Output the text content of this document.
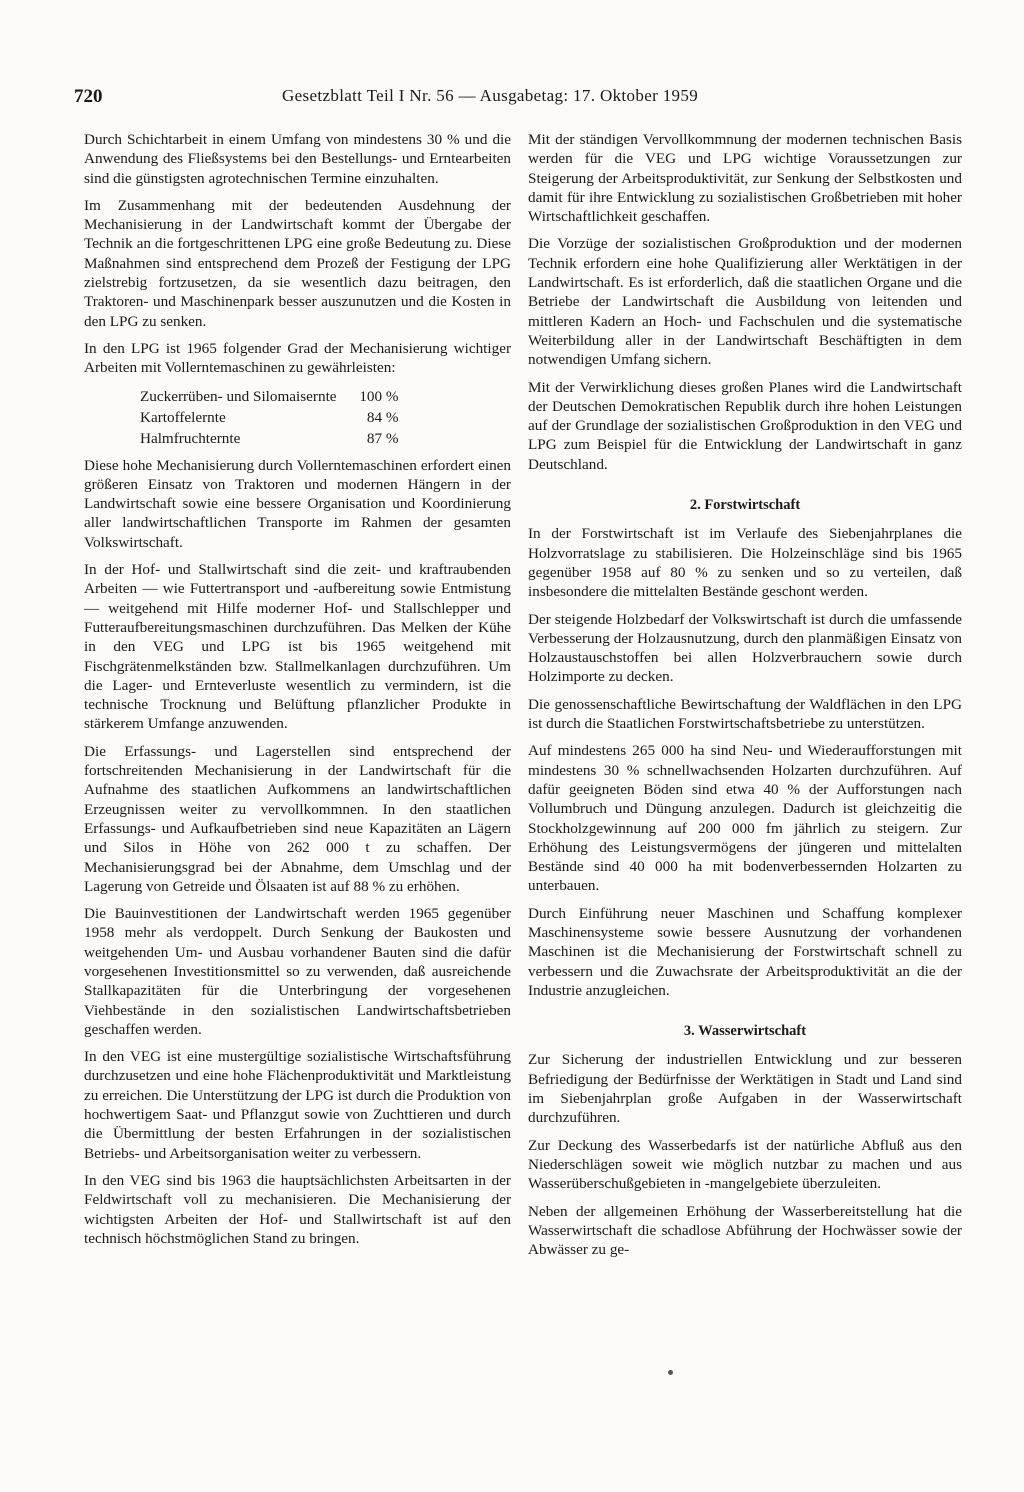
720	Gesetzblatt Teil I Nr. 56 — Ausgabetag: 17. Oktober 1959

Durch Schichtarbeit in einem Umfang von mindestens 30 % und die Anwendung des Fließsystems bei den Bestellungs- und Erntearbeiten sind die günstigsten agrotechnischen Termine einzuhalten.

Im Zusammenhang mit der bedeutenden Ausdehnung der Mechanisierung in der Landwirtschaft kommt der Übergabe der Technik an die fortgeschrittenen LPG eine große Bedeutung zu. Diese Maßnahmen sind entsprechend dem Prozeß der Festigung der LPG zielstrebig fortzusetzen, da sie wesentlich dazu beitragen, den Traktoren- und Maschinenpark besser auszunutzen und die Kosten in den LPG zu senken.

In den LPG ist 1965 folgender Grad der Mechanisierung wichtiger Arbeiten mit Vollerntemaschinen zu gewährleisten:

Zuckerrüben- und Silomaisernte	100 %
Kartoffelernte	84 %
Halmfruchternte	87 %

Diese hohe Mechanisierung durch Vollerntemaschinen erfordert einen größeren Einsatz von Traktoren und modernen Hängern in der Landwirtschaft sowie eine bessere Organisation und Koordinierung aller landwirtschaftlichen Transporte im Rahmen der gesamten Volkswirtschaft.

In der Hof- und Stallwirtschaft sind die zeit- und kraftraubenden Arbeiten — wie Futtertransport und -aufbereitung sowie Entmistung — weitgehend mit Hilfe moderner Hof- und Stallschlepper und Futteraufbereitungsmaschinen durchzuführen. Das Melken der Kühe in den VEG und LPG ist bis 1965 weitgehend mit Fischgrätenmelkständen bzw. Stallmelkanlagen durchzuführen. Um die Lager- und Ernteverluste wesentlich zu vermindern, ist die technische Trocknung und Belüftung pflanzlicher Produkte in stärkerem Umfange anzuwenden.

Die Erfassungs- und Lagerstellen sind entsprechend der fortschreitenden Mechanisierung in der Landwirtschaft für die Aufnahme des staatlichen Aufkommens an landwirtschaftlichen Erzeugnissen weiter zu vervollkommnen. In den staatlichen Erfassungs- und Aufkaufbetrieben sind neue Kapazitäten an Lägern und Silos in Höhe von 262 000 t zu schaffen. Der Mechanisierungsgrad bei der Abnahme, dem Umschlag und der Lagerung von Getreide und Ölsaaten ist auf 88 % zu erhöhen.

Die Bauinvestitionen der Landwirtschaft werden 1965 gegenüber 1958 mehr als verdoppelt. Durch Senkung der Baukosten und weitgehenden Um- und Ausbau vorhandener Bauten sind die dafür vorgesehenen Investitionsmittel so zu verwenden, daß ausreichende Stallkapazitäten für die Unterbringung der vorgesehenen Viehbestände in den sozialistischen Landwirtschaftsbetrieben geschaffen werden.

In den VEG ist eine mustergültige sozialistische Wirtschaftsführung durchzusetzen und eine hohe Flächenproduktivität und Marktleistung zu erreichen. Die Unterstützung der LPG ist durch die Produktion von hochwertigem Saat- und Pflanzgut sowie von Zuchttieren und durch die Übermittlung der besten Erfahrungen in der sozialistischen Betriebs- und Arbeitsorganisation weiter zu verbessern.

In den VEG sind bis 1963 die hauptsächlichsten Arbeitsarten in der Feldwirtschaft voll zu mechanisieren. Die Mechanisierung der wichtigsten Arbeiten der Hof- und Stallwirtschaft ist auf den technisch höchstmöglichen Stand zu bringen.

Mit der ständigen Vervollkommnung der modernen technischen Basis werden für die VEG und LPG wichtige Voraussetzungen zur Steigerung der Arbeitsproduktivität, zur Senkung der Selbstkosten und damit für ihre Entwicklung zu sozialistischen Großbetrieben mit hoher Wirtschaftlichkeit geschaffen.

Die Vorzüge der sozialistischen Großproduktion und der modernen Technik erfordern eine hohe Qualifizierung aller Werktätigen in der Landwirtschaft. Es ist erforderlich, daß die staatlichen Organe und die Betriebe der Landwirtschaft die Ausbildung von leitenden und mittleren Kadern an Hoch- und Fachschulen und die systematische Weiterbildung aller in der Landwirtschaft Beschäftigten in dem notwendigen Umfang sichern.

Mit der Verwirklichung dieses großen Planes wird die Landwirtschaft der Deutschen Demokratischen Republik durch ihre hohen Leistungen auf der Grundlage der sozialistischen Großproduktion in den VEG und LPG zum Beispiel für die Entwicklung der Landwirtschaft in ganz Deutschland.

2. Forstwirtschaft

In der Forstwirtschaft ist im Verlaufe des Siebenjahrplanes die Holzvorratslage zu stabilisieren. Die Holzeinschläge sind bis 1965 gegenüber 1958 auf 80 % zu senken und so zu verteilen, daß insbesondere die mittelalten Bestände geschont werden.

Der steigende Holzbedarf der Volkswirtschaft ist durch die umfassende Verbesserung der Holzausnutzung, durch den planmäßigen Einsatz von Holzaustauschstoffen bei allen Holzverbrauchern sowie durch Holzimporte zu decken.

Die genossenschaftliche Bewirtschaftung der Waldflächen in den LPG ist durch die Staatlichen Forstwirtschaftsbetriebe zu unterstützen.

Auf mindestens 265 000 ha sind Neu- und Wiederaufforstungen mit mindestens 30 % schnellwachsenden Holzarten durchzuführen. Auf dafür geeigneten Böden sind etwa 40 % der Aufforstungen nach Vollumbruch und Düngung anzulegen. Dadurch ist gleichzeitig die Stockholzgewinnung auf 200 000 fm jährlich zu steigern. Zur Erhöhung des Leistungsvermögens der jüngeren und mittelalten Bestände sind 40 000 ha mit bodenverbessernden Holzarten zu unterbauen.

Durch Einführung neuer Maschinen und Schaffung komplexer Maschinensysteme sowie bessere Ausnutzung der vorhandenen Maschinen ist die Mechanisierung der Forstwirtschaft schnell zu verbessern und die Zuwachsrate der Arbeitsproduktivität an die der Industrie anzugleichen.

3. Wasserwirtschaft

Zur Sicherung der industriellen Entwicklung und zur besseren Befriedigung der Bedürfnisse der Werktätigen in Stadt und Land sind im Siebenjahrplan große Aufgaben in der Wasserwirtschaft durchzuführen.

Zur Deckung des Wasserbedarfs ist der natürliche Abfluß aus den Niederschlägen soweit wie möglich nutzbar zu machen und aus Wasserüberschußgebieten in -mangelgebiete überzuleiten.

Neben der allgemeinen Erhöhung der Wasserbereitstellung hat die Wasserwirtschaft die schadlose Abführung der Hochwässer sowie der Abwässer zu ge-
